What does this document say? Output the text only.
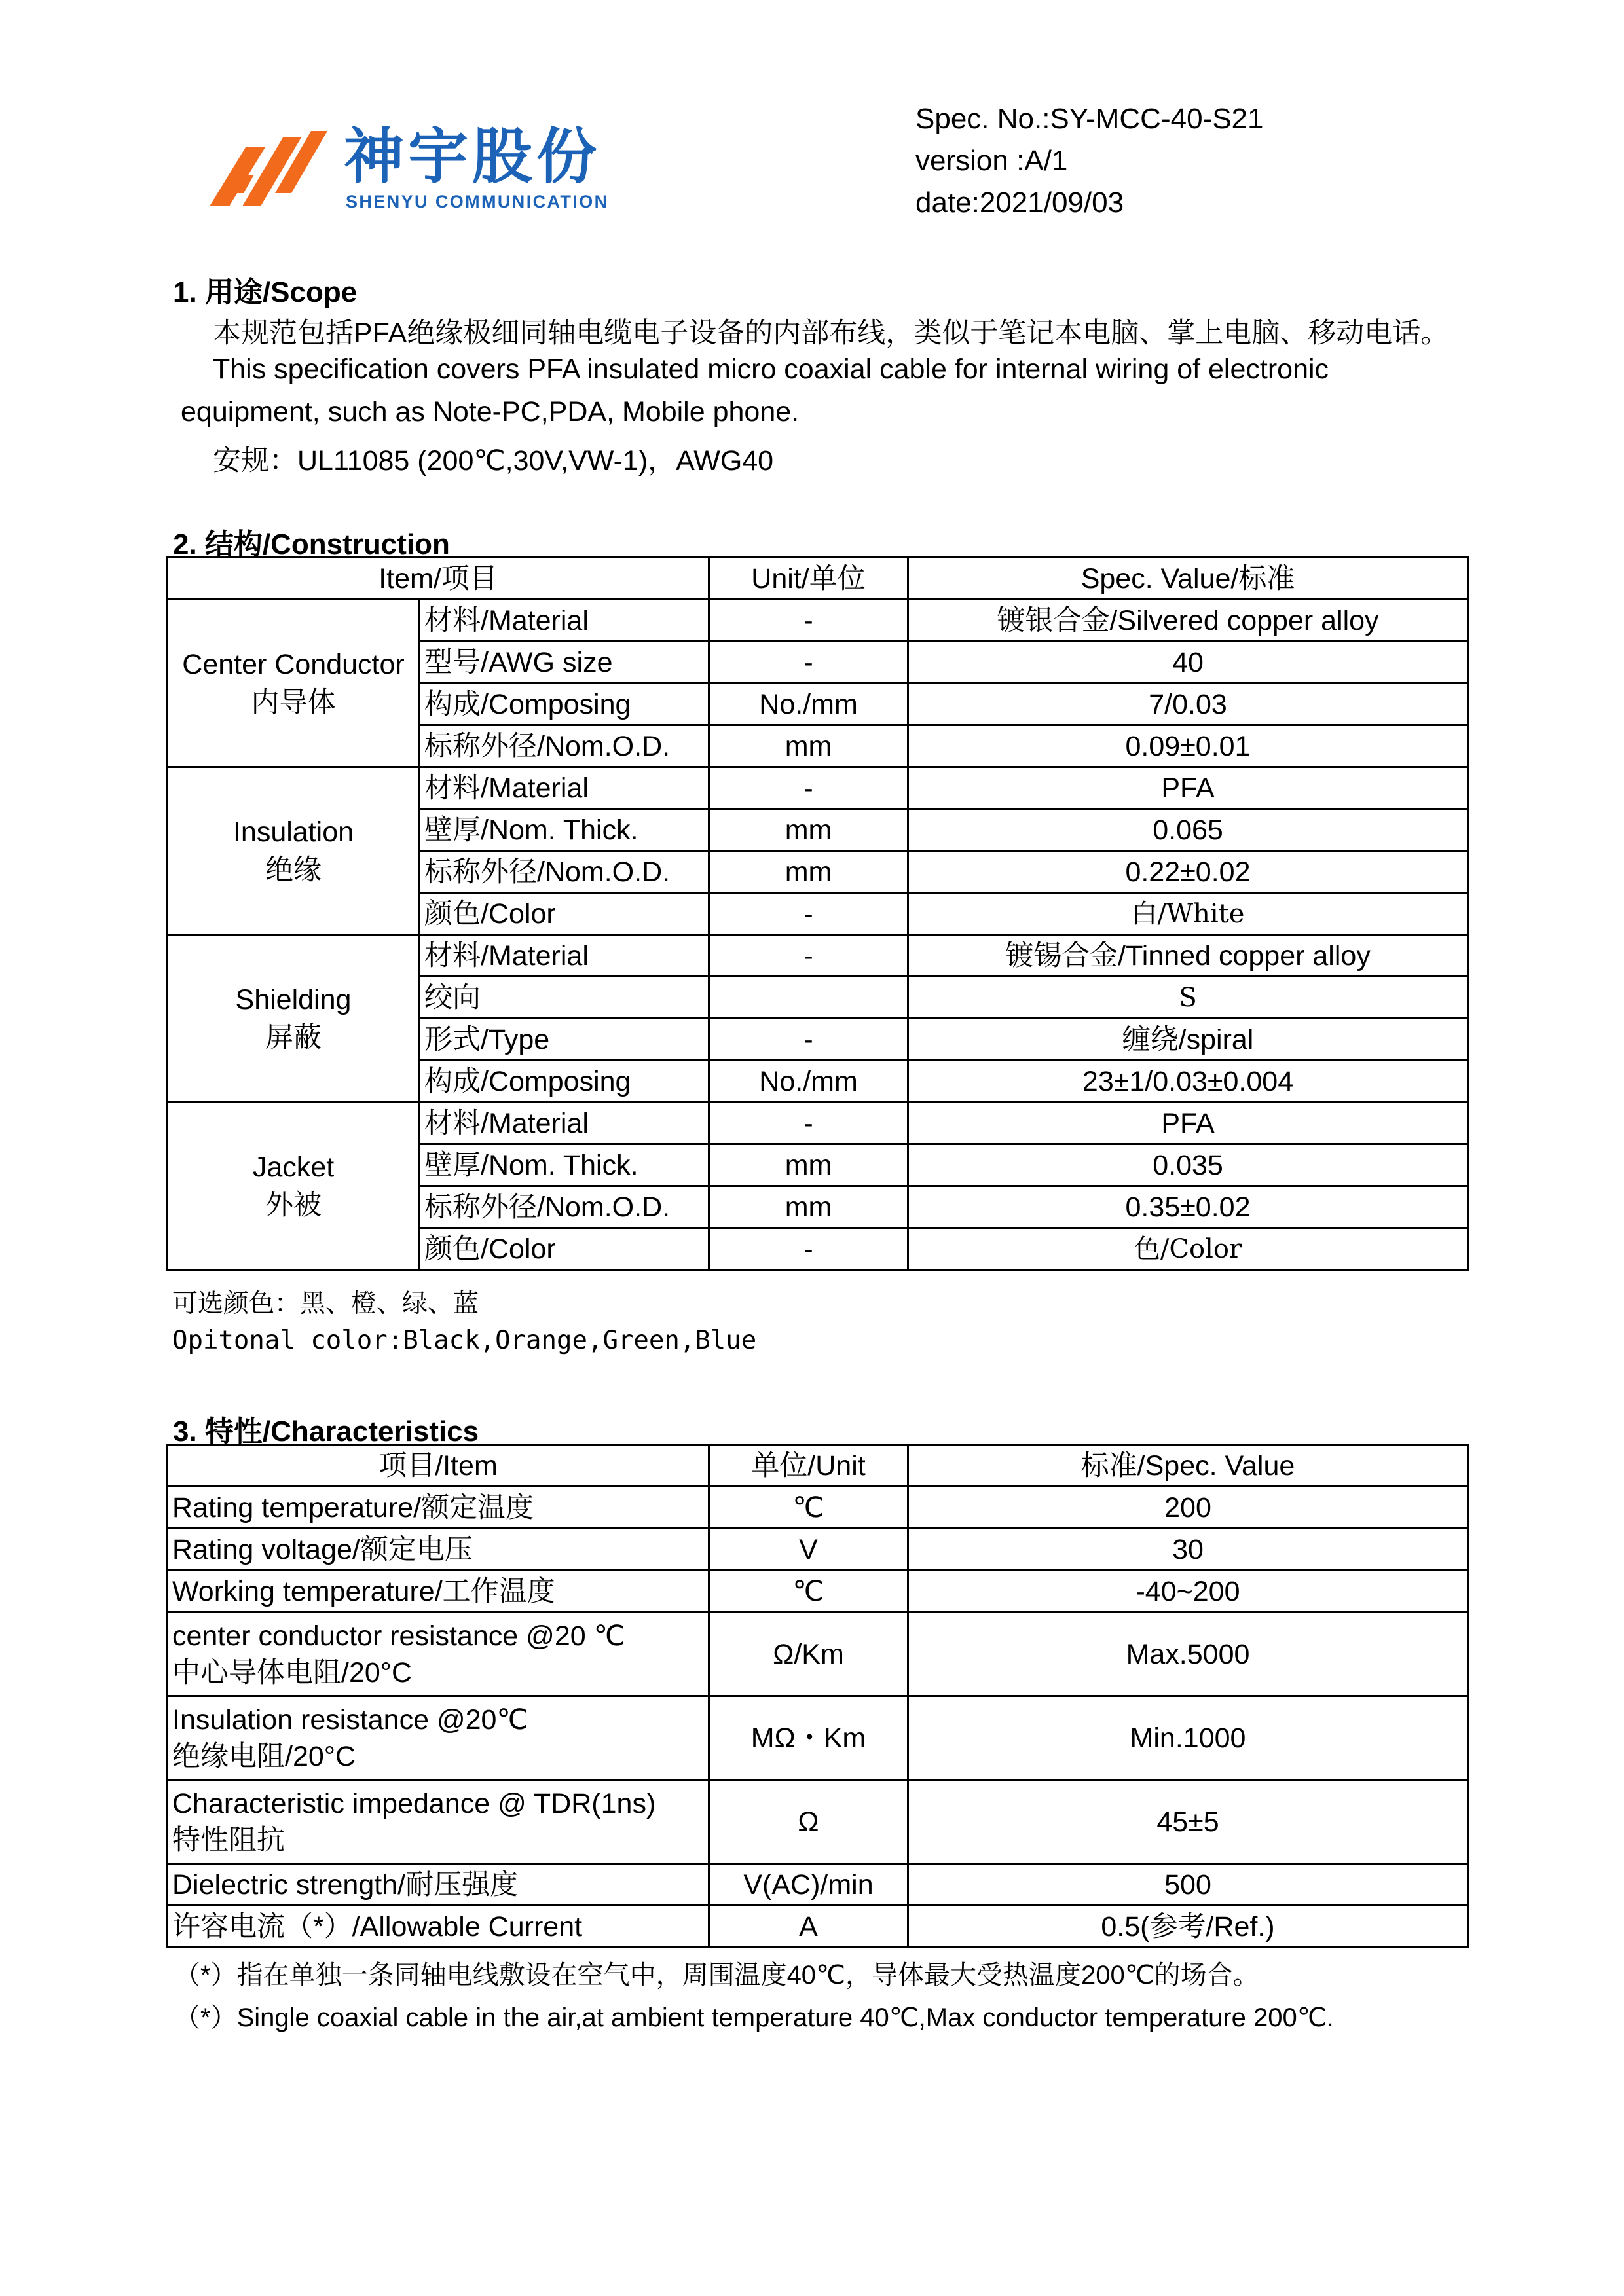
神宇股份
SHENYU COMMUNICATION
Spec. No.:SY-MCC-40-S21
version :A/1
date:2021/09/03
1. 用途/Scope
本规范包括PFA绝缘极细同轴电缆电子设备的内部布线，类似于笔记本电脑、掌上电脑、移动电话。
This specification covers PFA insulated micro coaxial cable for internal wiring of electronic
equipment, such as Note-PC,PDA, Mobile phone.
安规：UL11085 (200℃,30V,VW-1)，AWG40
2. 结构/Construction
Item/项目		Unit/单位	Spec. Value/标准

Center Conductor
内导体	材料/Material	-	镀银合金/Silvered copper alloy
	型号/AWG size	-	40
	构成/Composing	No./mm	7/0.03
	标称外径/Nom.O.D.	mm	0.09±0.01

Insulation
绝缘	材料/Material	-	PFA
	壁厚/Nom. Thick.	mm	0.065
	标称外径/Nom.O.D.	mm	0.22±0.02
	颜色/Color	-	白/White

Shielding
屏蔽	材料/Material	-	镀锡合金/Tinned copper alloy
	绞向		S
	形式/Type	-	缠绕/spiral
	构成/Composing	No./mm	23±1/0.03±0.004

Jacket
外被	材料/Material	-	PFA
	壁厚/Nom. Thick.	mm	0.035
	标称外径/Nom.O.D.	mm	0.35±0.02
	颜色/Color	-	色/Color
可选颜色：黑、橙、绿、蓝
Opitonal color:Black,Orange,Green,Blue
3. 特性/Characteristics
项目/Item	单位/Unit	标准/Spec. Value
Rating temperature/额定温度	℃	200
Rating voltage/额定电压	V	30
Working temperature/工作温度	℃	-40~200

center conductor resistance @20 ℃
中心导体电阻/20°C	Ω/Km	Max.5000

Insulation resistance @20℃
绝缘电阻/20°C	MΩ・Km	Min.1000

Characteristic impedance @ TDR(1ns)
特性阻抗	Ω	45±5
Dielectric strength/耐压强度	V(AC)/min	500
许容电流（*）/Allowable Current	A	0.5(参考/Ref.)
（*）指在单独一条同轴电线敷设在空气中，周围温度40℃，导体最大受热温度200℃的场合。
（*）Single coaxial cable in the air,at ambient temperature 40℃,Max conductor temperature 200℃.
